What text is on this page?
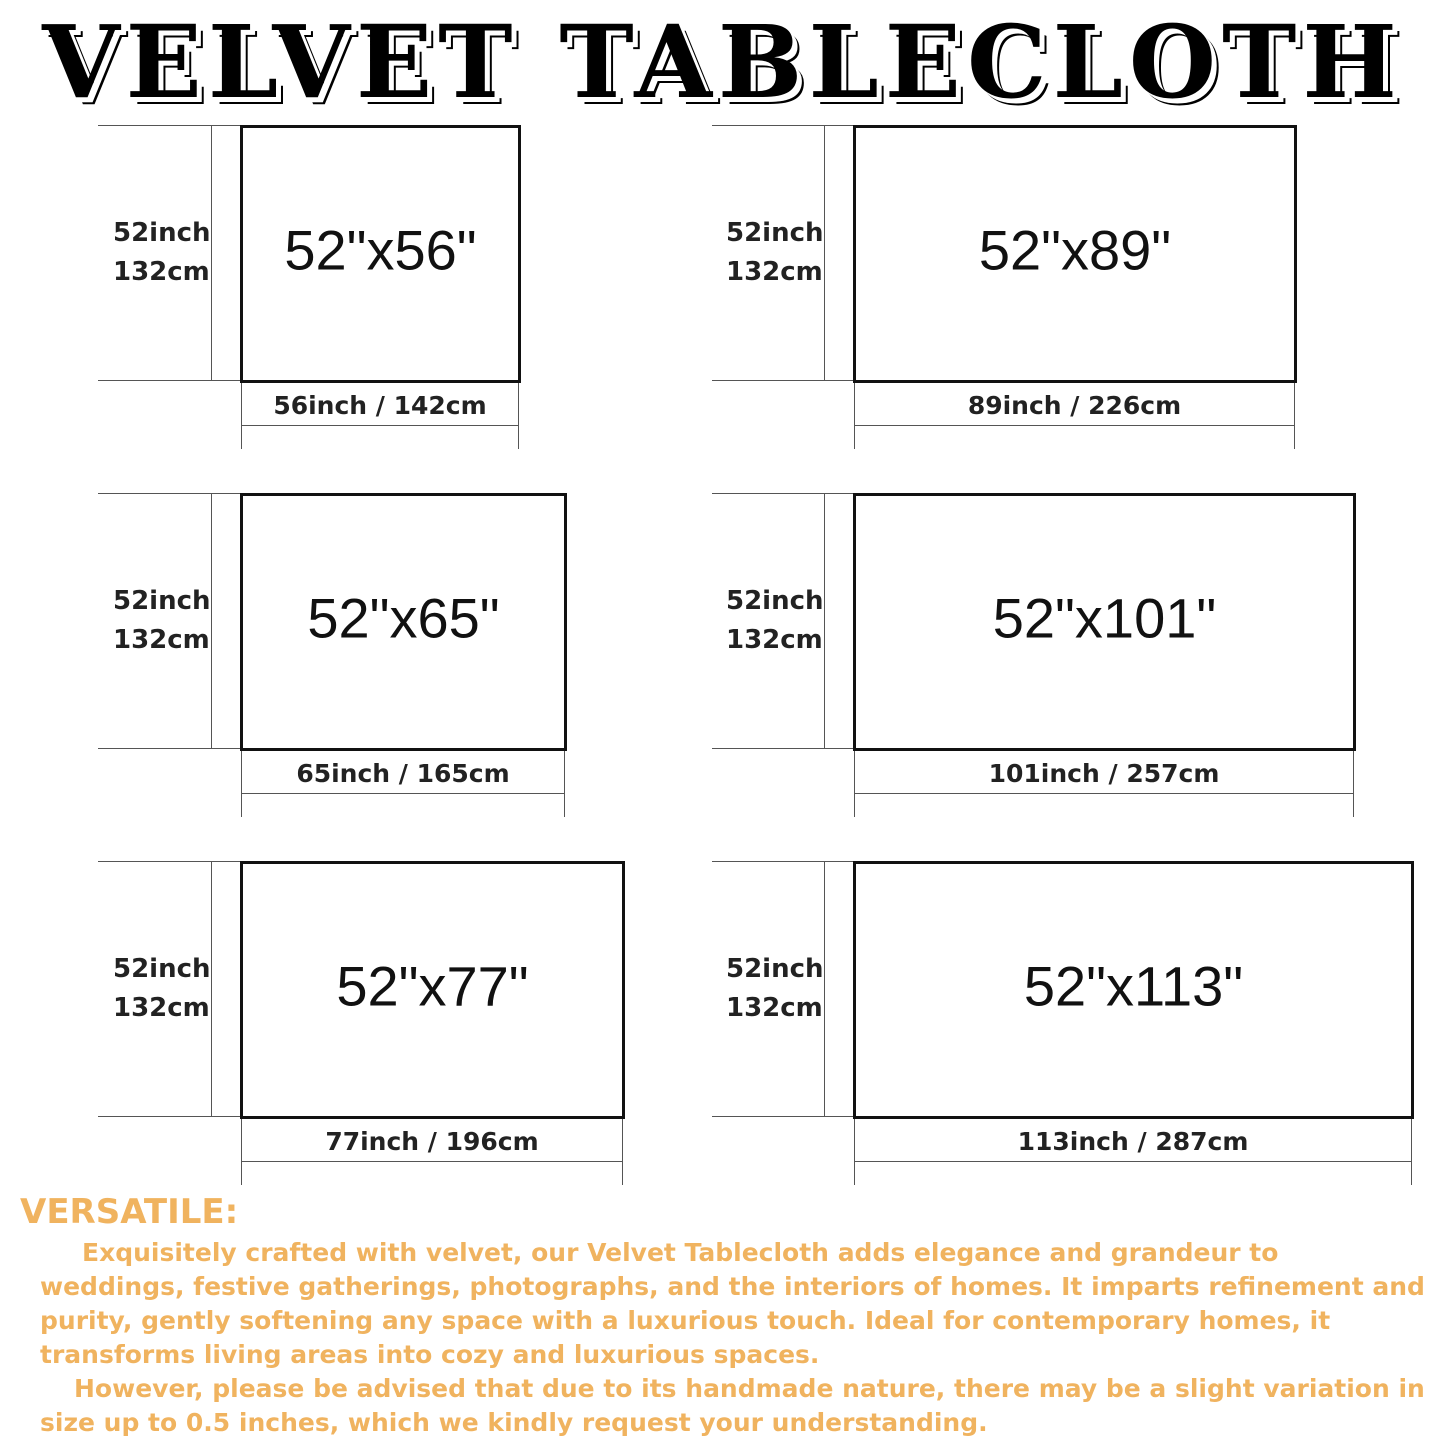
VELVET TABLECLOTH
52inch
132cm	52"x56"
56inch / 142cm
52inch
132cm	52"x89"
89inch / 226cm
52inch
132cm	52"x65"
65inch / 165cm
52inch
132cm	52"x101"
101inch / 257cm
52inch
132cm	52"x77"
77inch / 196cm
52inch
132cm	52"x113"
113inch / 287cm
VERSATILE:

Exquisitely crafted with velvet, our Velvet Tablecloth adds elegance and grandeur to weddings, festive gatherings, photographs, and the interiors of homes. It imparts refinement and purity, gently softening any space with a luxurious touch. Ideal for contemporary homes, it transforms living areas into cozy and luxurious spaces.

However, please be advised that due to its handmade nature, there may be a slight variation in size up to 0.5 inches, which we kindly request your understanding.
